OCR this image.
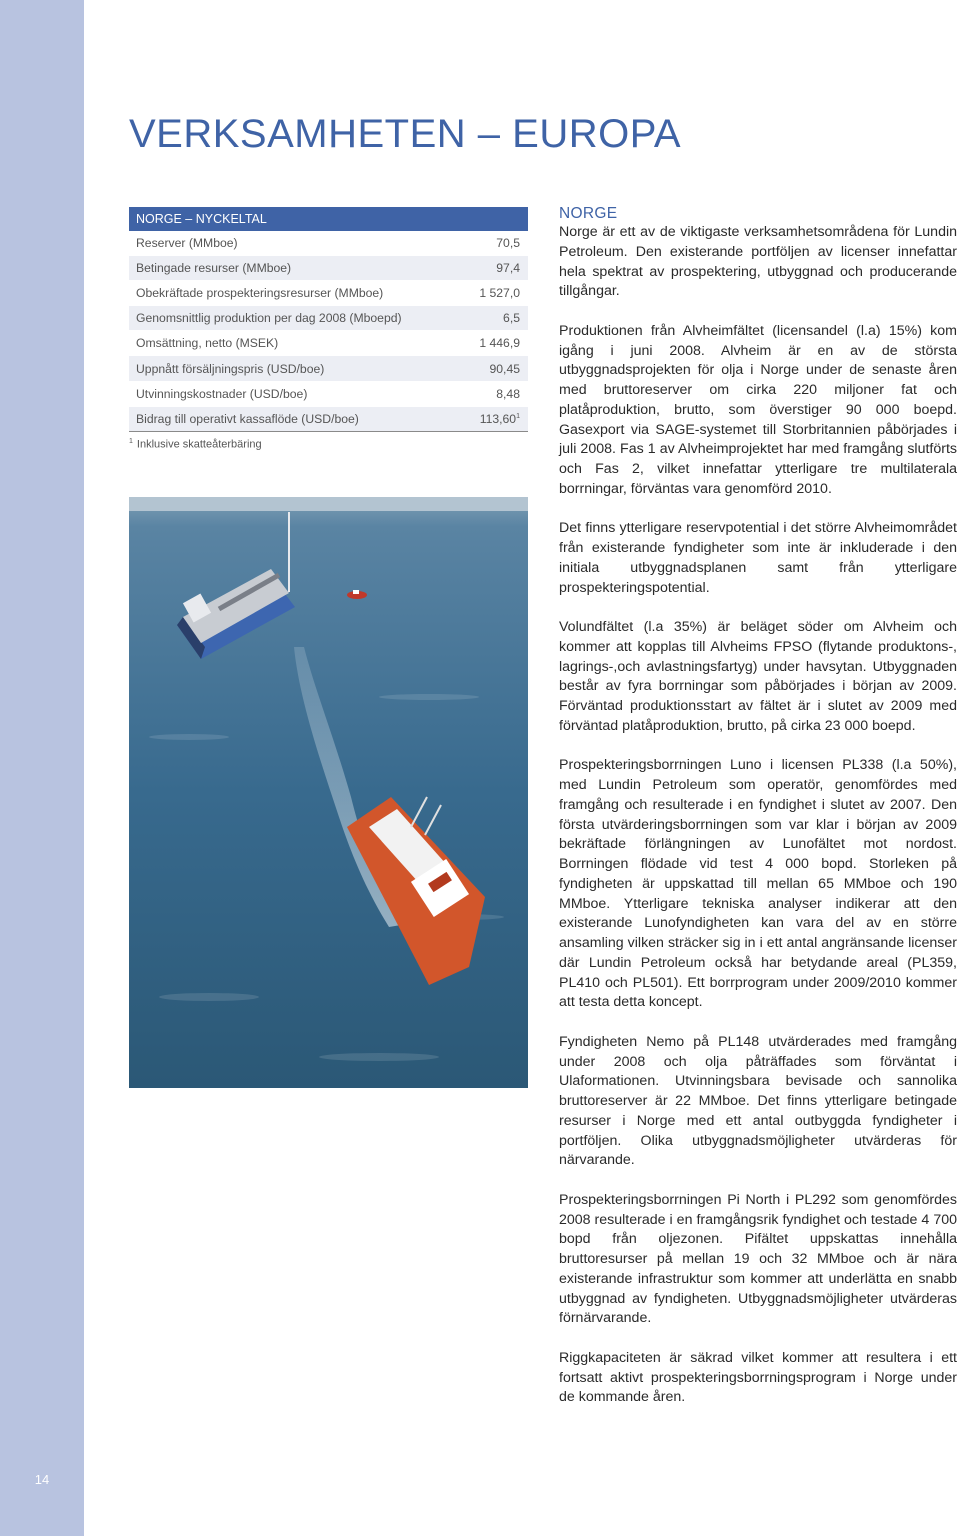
14
VERKSAMHETEN – EUROPA
NORGE – NYCKELTAL
Reserver (MMboe)	70,5
Betingade resurser (MMboe)	97,4
Obekräftade prospekteringsresurser (MMboe)	1 527,0
Genomsnittlig produktion per dag 2008 (Mboepd)	6,5
Omsättning, netto (MSEK)	1 446,9
Uppnått försäljningspris (USD/boe)	90,45
Utvinningskostnader (USD/boe)	8,48
Bidrag till operativt kassaflöde (USD/boe)	113,60$^1$
$^1$ Inklusive skatteåterbäring
NORGE

Norge är ett av de viktigaste verksamhetsområdena för Lundin Petroleum. Den existerande portföljen av licenser innefattar hela spektrat av prospektering, utbyggnad och producerande tillgångar.

Produktionen från Alvheimfältet (licensandel (l.a) 15%) kom igång i juni 2008. Alvheim är en av de största utbyggnadsprojekten för olja i Norge under de senaste åren med bruttoreserver om cirka 220 miljoner fat och platåproduktion, brutto, som överstiger 90 000 boepd. Gasexport via SAGE-systemet till Storbritannien påbörjades i juli 2008. Fas 1 av Alvheimprojektet har med framgång slutförts och Fas 2, vilket innefattar ytterligare tre multilaterala borrningar, förväntas vara genomförd 2010.

Det finns ytterligare reservpotential i det större Alvheimområdet från existerande fyndigheter som inte är inkluderade i den initiala utbyggnadsplanen samt från ytterligare prospekteringspotential.

Volundfältet (l.a 35%) är beläget söder om Alvheim och kommer att kopplas till Alvheims FPSO (flytande produktons-, lagrings-,och avlastningsfartyg) under havsytan. Utbyggnaden består av fyra borrningar som påbörjades i början av 2009. Förväntad produktionsstart av fältet är i slutet av 2009 med förväntad platåproduktion, brutto, på cirka 23 000 boepd.

Prospekteringsborrningen Luno i licensen PL338 (l.a 50%), med Lundin Petroleum som operatör, genomfördes med framgång och resulterade i en fyndighet i slutet av 2007. Den första utvärderingsborrningen som var klar i början av 2009 bekräftade förlängningen av Lunofältet mot nordost. Borrningen flödade vid test 4 000 bopd. Storleken på fyndigheten är uppskattad till mellan 65 MMboe och 190 MMboe. Ytterligare tekniska analyser indikerar att den existerande Lunofyndigheten kan vara del av en större ansamling vilken sträcker sig in i ett antal angränsande licenser där Lundin Petroleum också har betydande areal (PL359, PL410 och PL501). Ett borrprogram under 2009/2010 kommer att testa detta koncept.

Fyndigheten Nemo på PL148 utvärderades med framgång under 2008 och olja påträffades som förväntat i Ulaformationen. Utvinningsbara bevisade och sannolika bruttoreserver är 22 MMboe. Det finns ytterligare betingade resurser i Norge med ett antal outbyggda fyndigheter i portföljen. Olika utbyggnadsmöjligheter utvärderas för närvarande.

Prospekteringsborrningen Pi North i PL292 som genomfördes 2008 resulterade i en framgångsrik fyndighet och testade 4 700 bopd från oljezonen. Pifältet uppskattas innehålla bruttoresurser på mellan 19 och 32 MMboe och är nära existerande infrastruktur som kommer att underlätta en snabb utbyggnad av fyndigheten. Utbyggnadsmöjligheter utvärderas förnärvarande.

Riggkapaciteten är säkrad vilket kommer att resultera i ett fortsatt aktivt prospekteringsborrningsprogram i Norge under de kommande åren.
